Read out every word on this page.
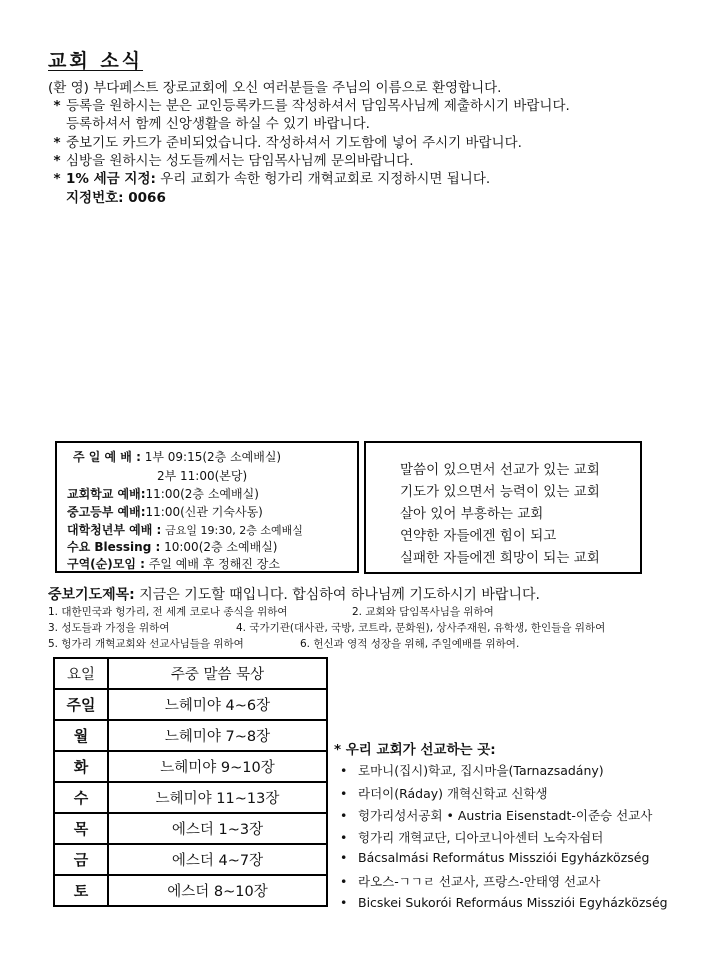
교회 소식
(환 영) 부다페스트 장로교회에 오신 여러분들을 주님의 이름으로 환영합니다.
* 등록을 원하시는 분은 교인등록카드를 작성하셔서 담임목사님께 제출하시기 바랍니다.
등록하셔서 함께 신앙생활을 하실 수 있기 바랍니다.
* 중보기도 카드가 준비되었습니다. 작성하셔서 기도함에 넣어 주시기 바랍니다.
* 심방을 원하시는 성도들께서는 담임목사님께 문의바랍니다.
* 1% 세금 지정: 우리 교회가 속한 헝가리 개혁교회로 지정하시면 됩니다.
지정번호: 0066
주 일 예 배 : 1부 09:15(2층 소예배실)
2부 11:00(본당)
교회학교 예배:11:00(2층 소예배실)
중고등부 예배:11:00(신관 기숙사동)
대학청년부 예배 : 금요일 19:30, 2층 소예배실
수요 Blessing : 10:00(2층 소예배실)
구역(순)모임 : 주일 예배 후 정해진 장소
말씀이 있으면서 선교가 있는 교회
기도가 있으면서 능력이 있는 교회
살아 있어 부흥하는 교회
연약한 자들에겐 힘이 되고
실패한 자들에겐 희망이 되는 교회
중보기도제목: 지금은 기도할 때입니다. 합심하여 하나님께 기도하시기 바랍니다.
1. 대한민국과 헝가리, 전 세계 코로나 종식을 위하여	2. 교회와 담임목사님을 위하여
3. 성도들과 가정을 위하여	4. 국가기관(대사관, 국방, 코트라, 문화원), 상사주재원, 유학생, 한인들을 위하여
5. 헝가리 개혁교회와 선교사님들을 위하여	6. 헌신과 영적 성장을 위해, 주일예배를 위하여.
요일	주중 말씀 묵상
주일	느헤미야 4~6장
월	느헤미야 7~8장
화	느헤미야 9~10장
수	느헤미야 11~13장
목	에스더 1~3장
금	에스더 4~7장
토	에스더 8~10장
* 우리 교회가 선교하는 곳:
• 로마니(집시)학교, 집시마을(Tarnazsadány)
• 라더이(Ráday) 개혁신학교 신학생
• 헝가리성서공회 • Austria Eisenstadt-이준승 선교사
• 헝가리 개혁교단, 디아코니아센터 노숙자쉼터
• Bácsalmási Református Missziói Egyházközség
• 라오스-ㄱㄱㄹ 선교사, 프랑스-안태영 선교사
• Bicskei Sukorói Reformáus Missziói Egyházközség
